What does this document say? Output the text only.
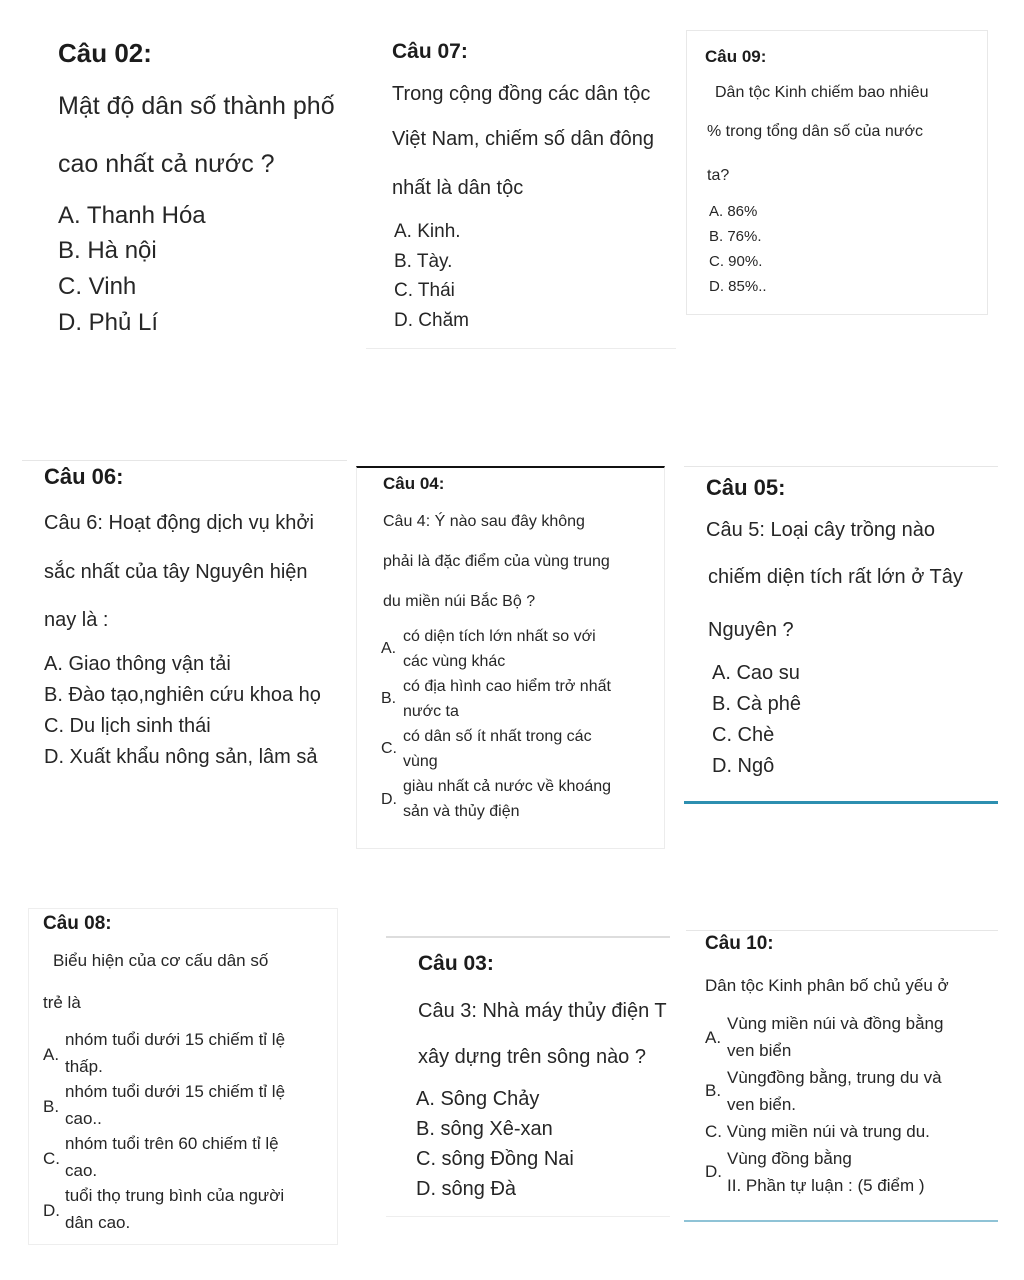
Câu 02:
Mật độ dân số thành phố
cao nhất cả nước ?
A. Thanh Hóa
B. Hà nội
C. Vinh
D. Phủ Lí
Câu 07:
Trong cộng đồng các dân tộc
Việt Nam, chiếm số dân đông
nhất là dân tộc
A. Kinh.
B. Tày.
C. Thái
D. Chăm
Câu 09:
Dân tộc Kinh chiếm bao nhiêu
% trong tổng dân số của nước
ta?
A. 86%
B. 76%.
C. 90%.
D. 85%..
Câu 06:
Câu 6: Hoạt động dịch vụ khởi
sắc nhất của tây Nguyên hiện
nay là :
A. Giao thông vận tải
B. Đào tạo,nghiên cứu khoa họ
C. Du lịch sinh thái
D. Xuất khẩu nông sản, lâm sả
Câu 04:
Câu 4: Ý nào sau đây không
phải là đặc điểm của vùng trung
du miền núi Bắc Bộ ?
A.
có diện tích lớn nhất so với
các vùng khác
B.
có địa hình cao hiểm trở nhất
nước ta
C.
có dân số ít nhất trong các
vùng
D.
giàu nhất cả nước về khoáng
sản và thủy điện
Câu 05:
Câu 5: Loại cây trồng nào
chiếm diện tích rất lớn ở Tây
Nguyên ?
A. Cao su
B. Cà phê
C. Chè
D. Ngô
Câu 08:
Biểu hiện của cơ cấu dân số
trẻ là
A.
nhóm tuổi dưới 15 chiếm tỉ lệ
thấp.
B.
nhóm tuổi dưới 15 chiếm tỉ lệ
cao..
C.
nhóm tuổi trên 60 chiếm tỉ lệ
cao.
D.
tuổi thọ trung bình của người
dân cao.
Câu 03:
Câu 3: Nhà máy thủy điện T
xây dựng trên sông nào ?
A. Sông Chảy
B. sông Xê-xan
C. sông Đồng Nai
D. sông Đà
Câu 10:
Dân tộc Kinh phân bố chủ yếu ở
A.
Vùng miền núi và đồng bằng
ven biển
B.
Vùngđồng bằng, trung du và
ven biển.
C. Vùng miền núi và trung du.
D.
Vùng đồng bằng
II. Phần tự luận : (5 điểm )
